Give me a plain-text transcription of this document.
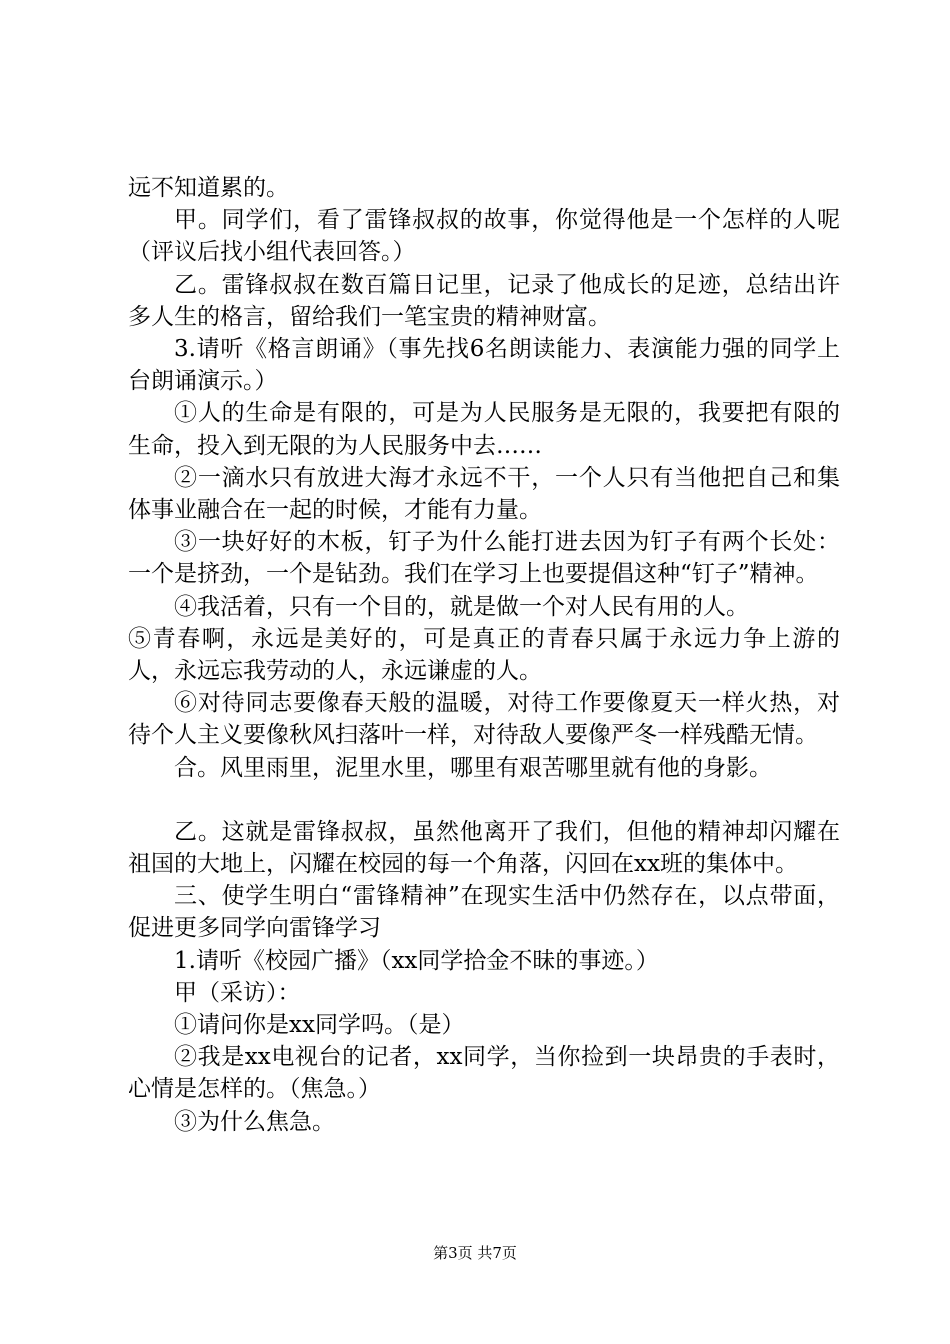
远不知道累的。

甲。同学们，看了雷锋叔叔的故事，你觉得他是一个怎样的人呢（评议后找小组代表回答。）

乙。雷锋叔叔在数百篇日记里，记录了他成长的足迹，总结出许多人生的格言，留给我们一笔宝贵的精神财富。

3.请听《格言朗诵》（事先找6名朗读能力、表演能力强的同学上台朗诵演示。）

①人的生命是有限的，可是为人民服务是无限的，我要把有限的生命，投入到无限的为人民服务中去……

②一滴水只有放进大海才永远不干，一个人只有当他把自己和集体事业融合在一起的时候，才能有力量。

③一块好好的木板，钉子为什么能打进去因为钉子有两个长处：一个是挤劲，一个是钻劲。我们在学习上也要提倡这种“钉子”精神。

④我活着，只有一个目的，就是做一个对人民有用的人。

⑤青春啊，永远是美好的，可是真正的青春只属于永远力争上游的人，永远忘我劳动的人，永远谦虚的人。

⑥对待同志要像春天般的温暖，对待工作要像夏天一样火热，对待个人主义要像秋风扫落叶一样，对待敌人要像严冬一样残酷无情。

合。风里雨里，泥里水里，哪里有艰苦哪里就有他的身影。

乙。这就是雷锋叔叔，虽然他离开了我们，但他的精神却闪耀在祖国的大地上，闪耀在校园的每一个角落，闪回在xx班的集体中。

三、使学生明白“雷锋精神”在现实生活中仍然存在，以点带面，促进更多同学向雷锋学习

1.请听《校园广播》（xx同学拾金不昧的事迹。）

甲（采访）：

①请问你是xx同学吗。（是）

②我是xx电视台的记者，xx同学，当你捡到一块昂贵的手表时，心情是怎样的。（焦急。）

③为什么焦急。

第3页 共7页
